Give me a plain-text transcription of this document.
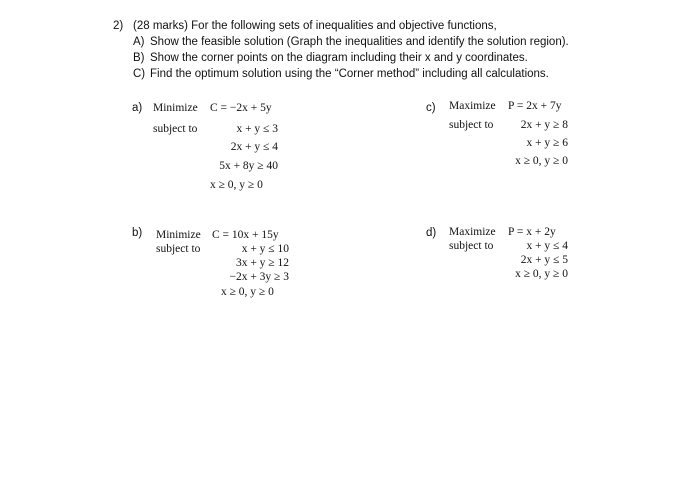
2) (28 marks) For the following sets of inequalities and objective functions,
A) Show the feasible solution (Graph the inequalities and identify the solution region).
B) Show the corner points on the diagram including their x and y coordinates.
C) Find the optimum solution using the “Corner method” including all calculations.
a) Minimize C = −2x + 5y
subject to	x + y ≤ 3
2x + y ≤ 4
5x + 8y ≥ 40
x ≥ 0, y ≥ 0
b) Minimize C = 10x + 15y
subject to	x + y ≤ 10
3x + y ≥ 12
−2x + 3y ≥ 3
x ≥ 0, y ≥ 0
c) Maximize P = 2x + 7y
subject to 2x + y ≥ 8
x + y ≥ 6
x ≥ 0, y ≥ 0
d) Maximize P = x + 2y
subject to	x + y ≤ 4
2x + y ≤ 5
x ≥ 0, y ≥ 0
